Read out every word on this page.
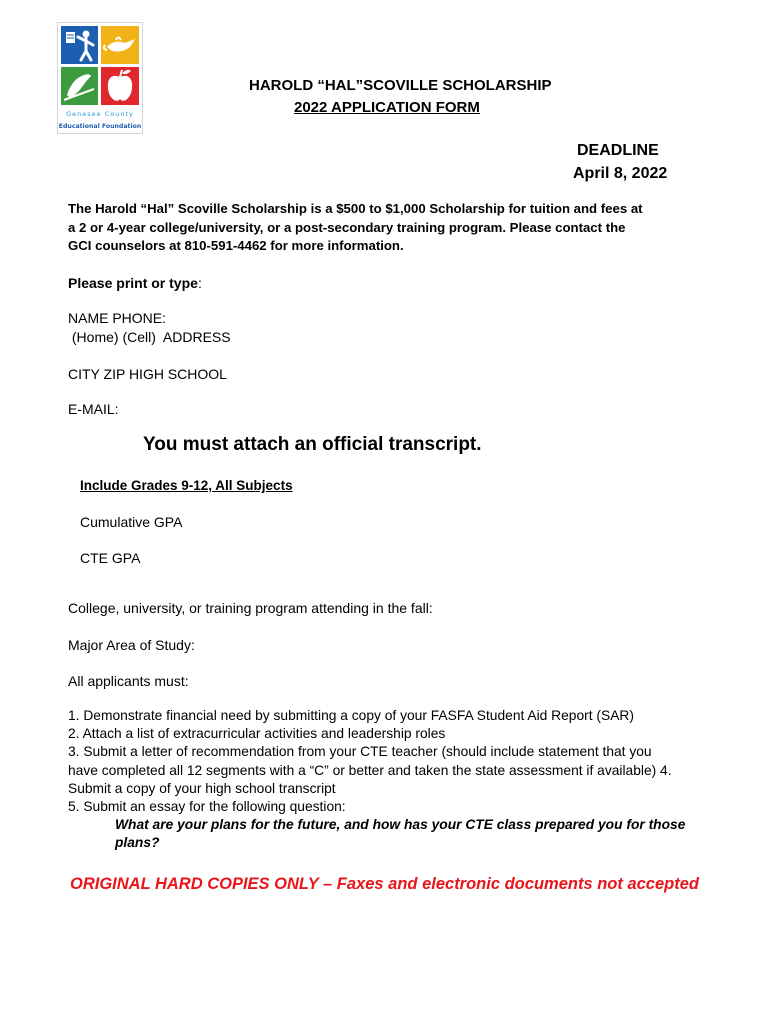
Genesee County
Educational Foundation
HAROLD “HAL”SCOVILLE SCHOLARSHIP
2022 APPLICATION FORM
DEADLINE
April 8, 2022
The Harold “Hal” Scoville Scholarship is a $500 to $1,000 Scholarship for tuition and fees at
a 2 or 4-year college/university, or a post-secondary training program. Please contact the
GCI counselors at 810-591-4462 for more information.
Please print or type:
NAME PHONE:
(Home) (Cell)  ADDRESS
CITY ZIP HIGH SCHOOL
E-MAIL:
You must attach an official transcript.
Include Grades 9-12, All Subjects
Cumulative GPA
CTE GPA
College, university, or training program attending in the fall:
Major Area of Study:
All applicants must:
1. Demonstrate financial need by submitting a copy of your FASFA Student Aid Report (SAR)
2. Attach a list of extracurricular activities and leadership roles
3. Submit a letter of recommendation from your CTE teacher (should include statement that you
have completed all 12 segments with a “C” or better and taken the state assessment if available) 4.
Submit a copy of your high school transcript
5. Submit an essay for the following question:
What are your plans for the future, and how has your CTE class prepared you for those
plans?
ORIGINAL HARD COPIES ONLY – Faxes and electronic documents not accepted
